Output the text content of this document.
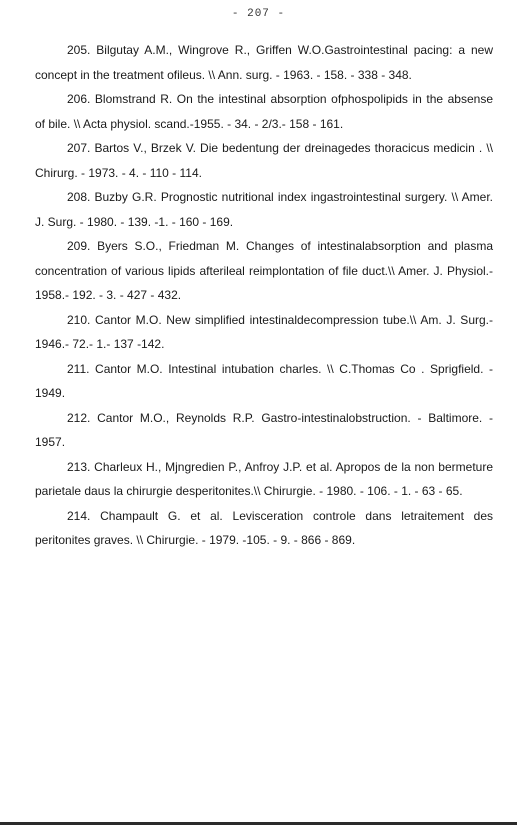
- 207 -

205. Bilgutay A.M., Wingrove R., Griffen W.O.Gastrointestinal pacing: a new concept in the treatment ofileus. \\ Ann. surg. - 1963. - 158. - 338 - 348.

206. Blomstrand R. On the intestinal absorption ofphospolipids in the absense of bile. \\ Acta physiol. scand.-1955. - 34. - 2/3.- 158 - 161.

207. Bartos V., Brzek V. Die bedentung der dreinagedes thoracicus medicin . \\ Chirurg. - 1973. - 4. - 110 - 114.

208. Buzby G.R. Prognostic nutritional index ingastrointestinal surgery. \\ Amer. J. Surg. - 1980. - 139. -1. - 160 - 169.

209. Byers S.O., Friedman M. Changes of intestinalabsorption and plasma concentration of various lipids afterileal reimplontation of file duct.\\ Amer. J. Physiol.- 1958.- 192. - 3. - 427 - 432.

210. Cantor M.O. New simplified intestinaldecompression tube.\\ Am. J. Surg.- 1946.- 72.- 1.- 137 -142.

211. Cantor M.O. Intestinal intubation charles. \\ C.Thomas Co . Sprigfield. - 1949.

212. Cantor M.O., Reynolds R.P. Gastro-intestinalobstruction. - Baltimore. - 1957.

213. Charleux H., Mjngredien P., Anfroy J.P. et al. Apropos de la non bermeture parietale daus la chirurgie desperitonites.\\ Chirurgie. - 1980. - 106. - 1. - 63 - 65.

214. Champault G. et al. Levisceration controle dans letraitement des peritonites graves. \\ Chirurgie. - 1979. -105. - 9. - 866 - 869.
